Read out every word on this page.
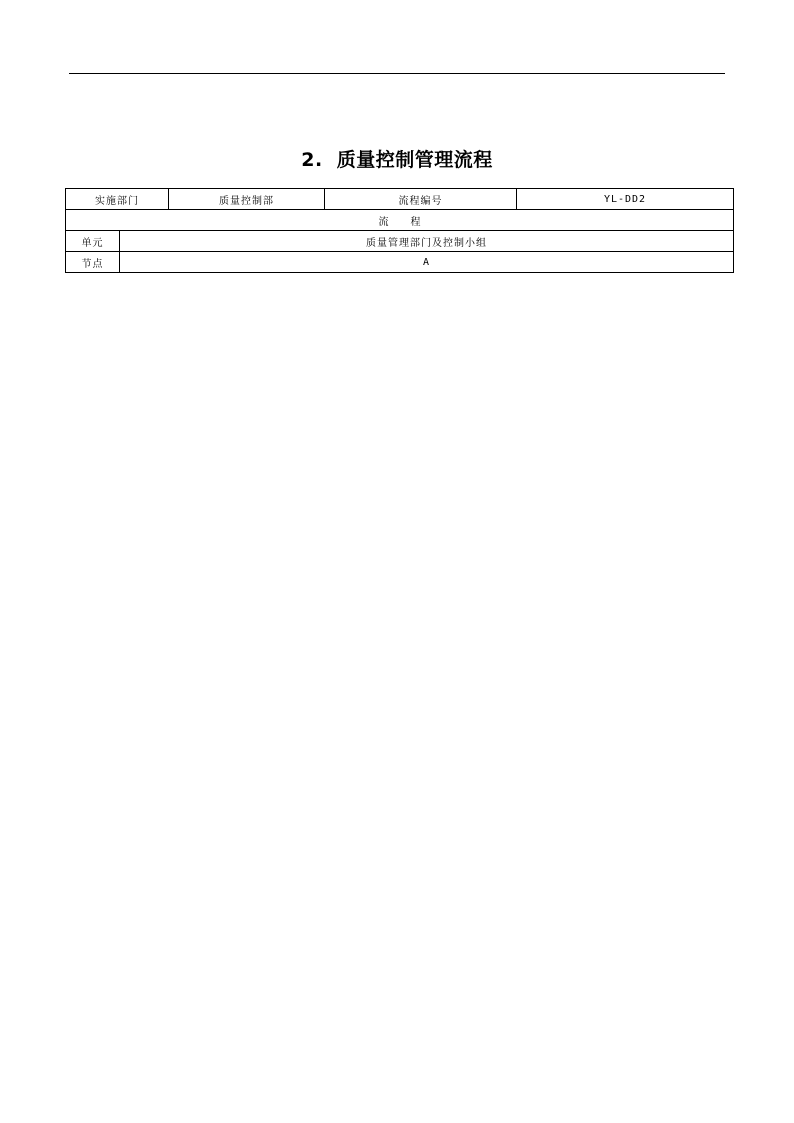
2. 质量控制管理流程
实施部门		质量控制部	流程编号	YL-DD2
流程				
单元	质量管理部门及控制小组			
节点	A			
